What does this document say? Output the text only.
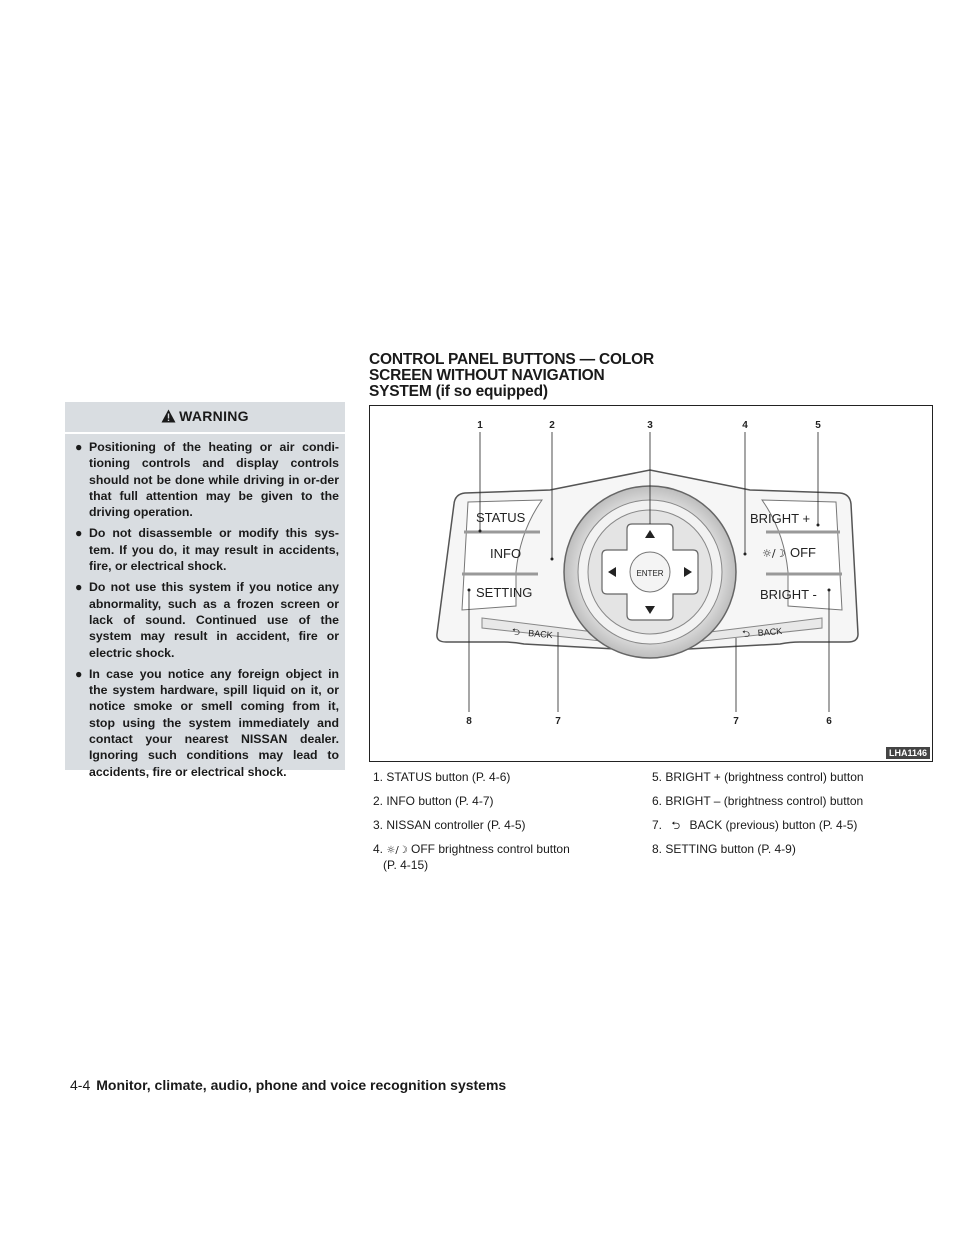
WARNING
● Positioning of the heating or air condi-tioning controls and display controls should not be done while driving in or-der that full attention may be given to the driving operation.
● Do not disassemble or modify this sys-tem. If you do, it may result in accidents, fire, or electrical shock.
● Do not use this system if you notice any abnormality, such as a frozen screen or lack of sound. Continued use of the system may result in accident, fire or electric shock.
● In case you notice any foreign object in the system hardware, spill liquid on it, or notice smoke or smell coming from it, stop using the system immediately and contact your nearest NISSAN dealer. Ignoring such conditions may lead to accidents, fire or electrical shock.
CONTROL PANEL BUTTONS — COLOR
SCREEN WITHOUT NAVIGATION
SYSTEM (if so equipped)
ENTER
STATUS
INFO
SETTING
BRIGHT +
OFF
☼/☽
BRIGHT -
BACK
⮌	BACK
⮌
1	2	3	4	5
8	7	7	6
LHA1146
1. STATUS button (P. 4-6)
2. INFO button (P. 4-7)
3. NISSAN controller (P. 4-5)
4. ☼/☽ OFF brightness control button
(P. 4-15)
5. BRIGHT + (brightness control) button
6. BRIGHT – (brightness control) button
7. ⮌ BACK (previous) button (P. 4-5)
8. SETTING button (P. 4-9)
4-4 Monitor, climate, audio, phone and voice recognition systems
